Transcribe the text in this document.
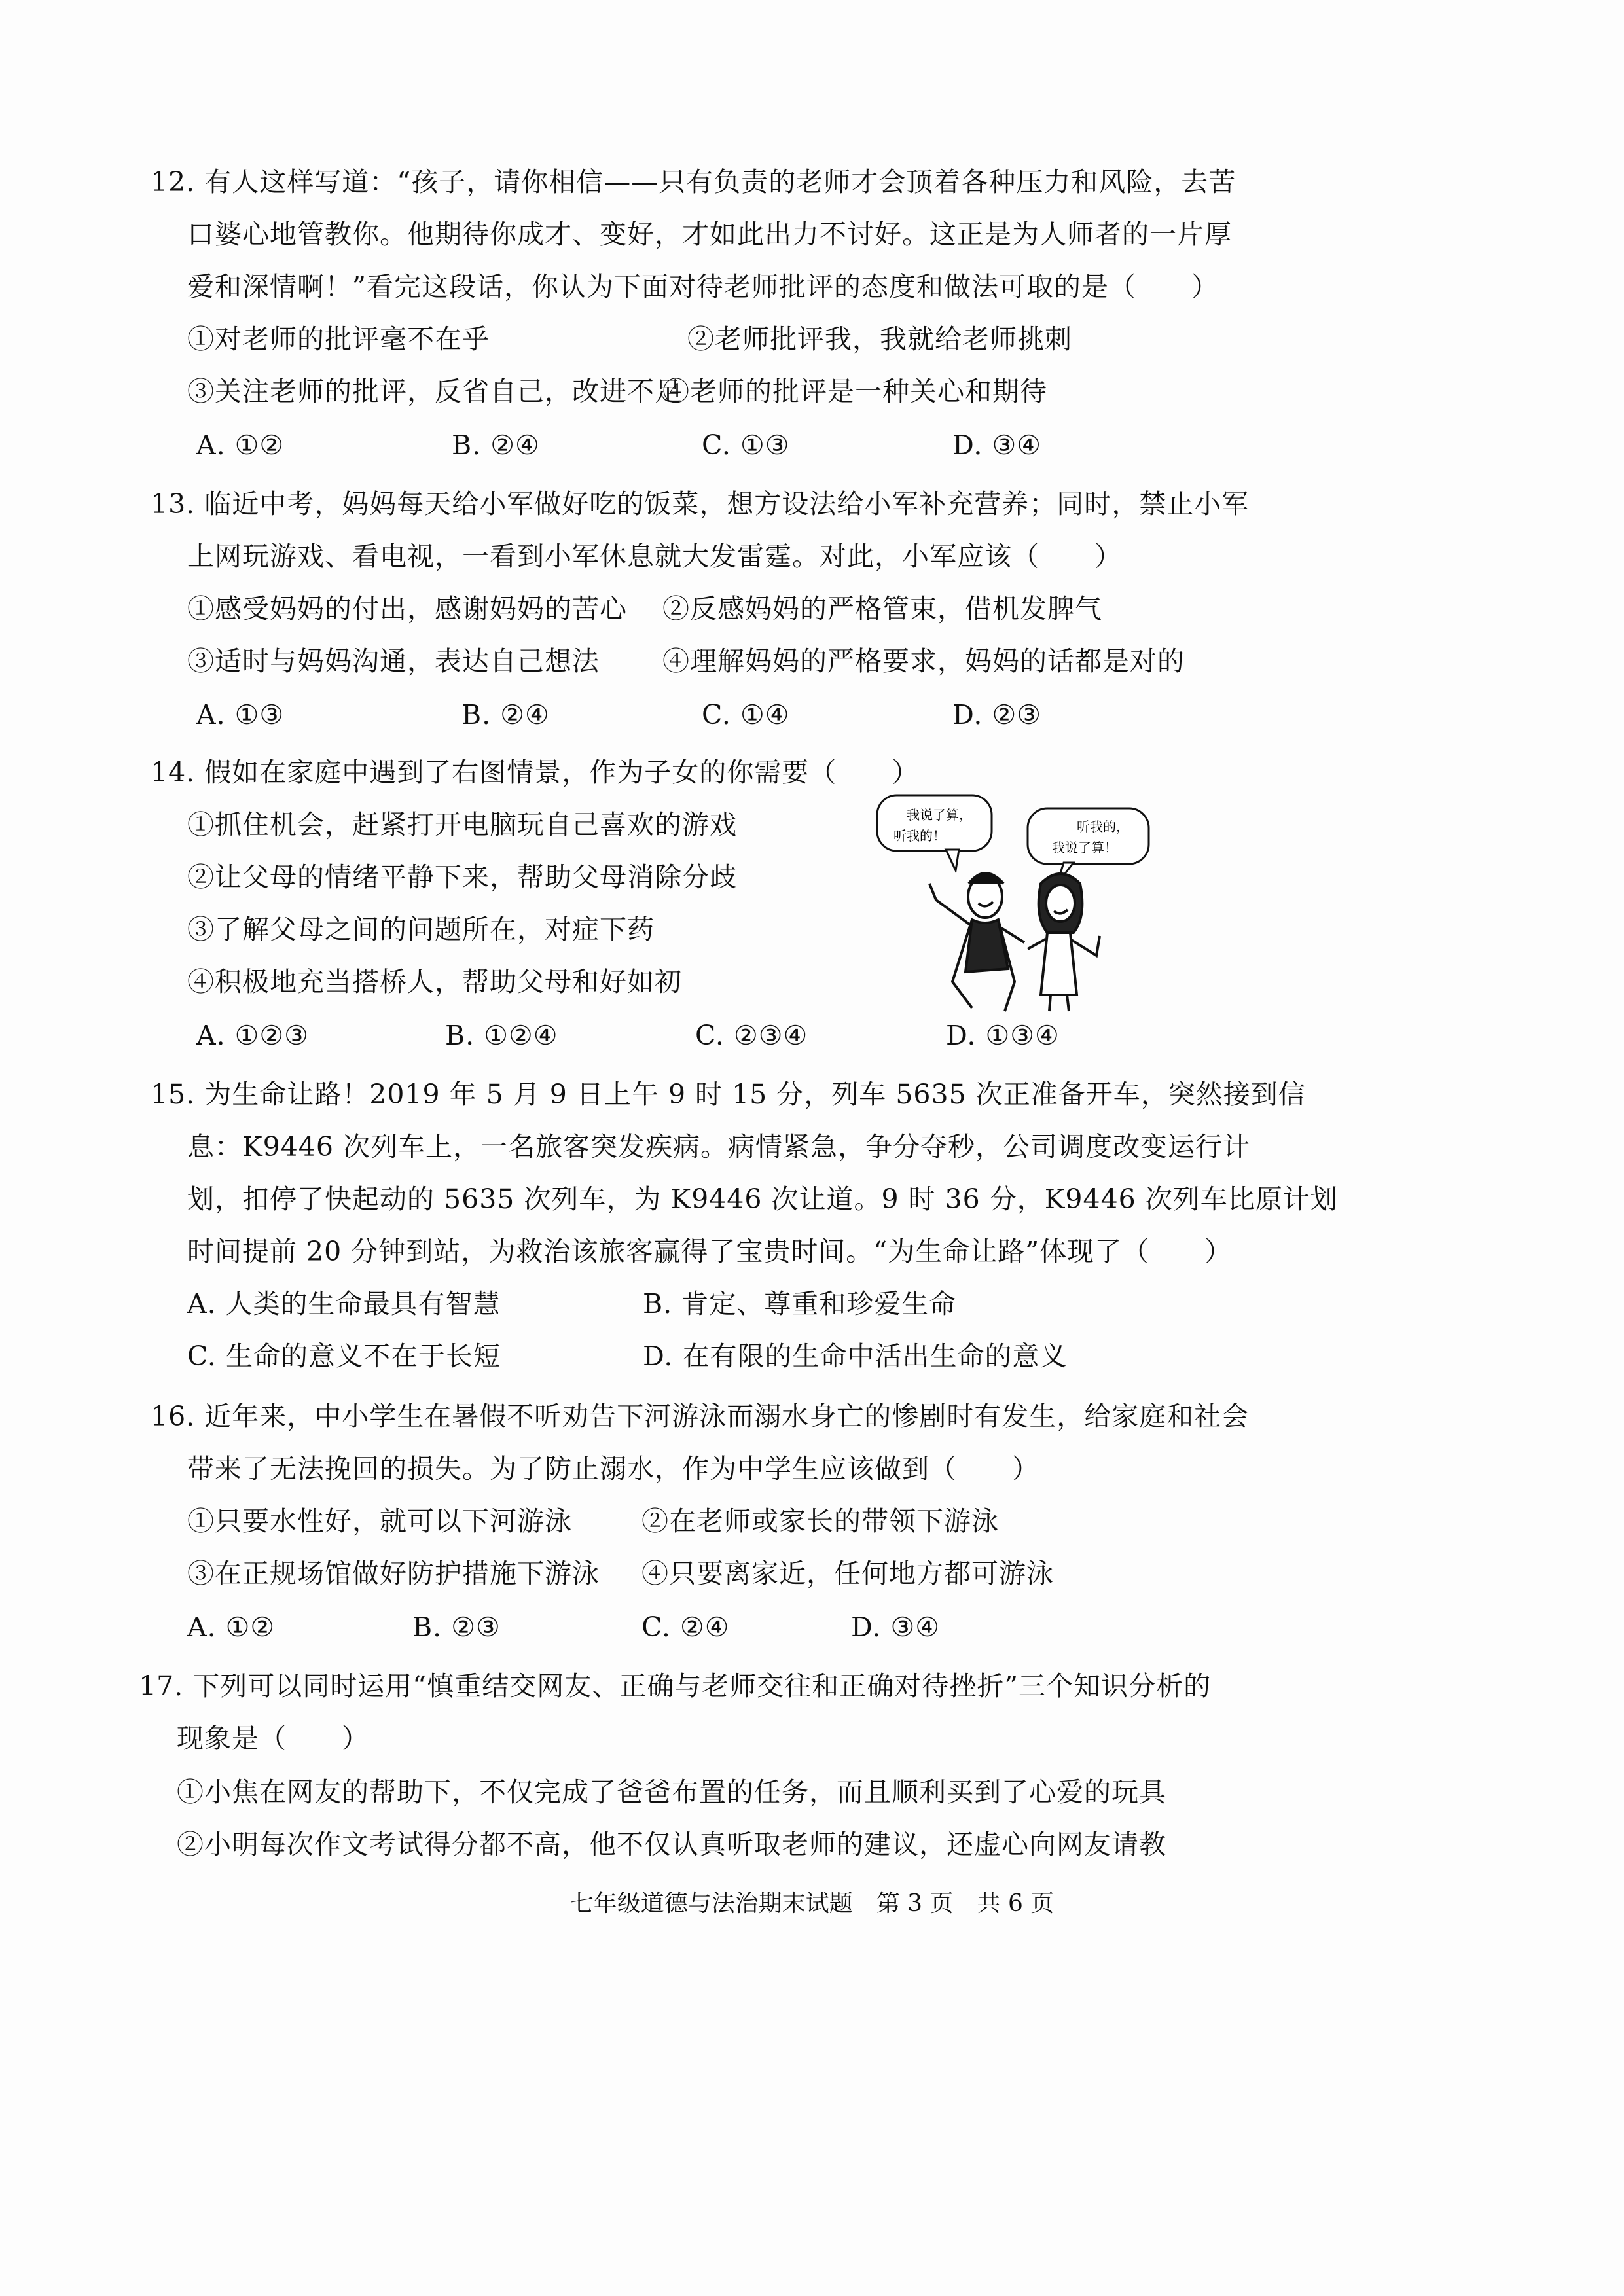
12. 有人这样写道：“孩子，请你相信——只有负责的老师才会顶着各种压力和风险，去苦
口婆心地管教你。他期待你成才、变好，才如此出力不讨好。这正是为人师者的一片厚
爱和深情啊！”看完这段话，你认为下面对待老师批评的态度和做法可取的是（　　）
①对老师的批评毫不在乎	②老师批评我，我就给老师挑刺
③关注老师的批评，反省自己，改进不足
④老师的批评是一种关心和期待
A. ①②	B. ②④	C. ①③	D. ③④
13. 临近中考，妈妈每天给小军做好吃的饭菜，想方设法给小军补充营养；同时，禁止小军
上网玩游戏、看电视，一看到小军休息就大发雷霆。对此，小军应该（　　）
①感受妈妈的付出，感谢妈妈的苦心 ②反感妈妈的严格管束，借机发脾气
③适时与妈妈沟通，表达自己想法 ④理解妈妈的严格要求，妈妈的话都是对的
A. ①③	B. ②④	C. ①④	D. ②③
14. 假如在家庭中遇到了右图情景，作为子女的你需要（　　）
①抓住机会，赶紧打开电脑玩自己喜欢的游戏
②让父母的情绪平静下来，帮助父母消除分歧
③了解父母之间的问题所在，对症下药
④积极地充当搭桥人，帮助父母和好如初
A. ①②③	B. ①②④	C. ②③④	D. ①③④
我说了算，听我的！
听我的，我说了算！
15. 为生命让路！2019 年 5 月 9 日上午 9 时 15 分，列车 5635 次正准备开车，突然接到信
息：K9446 次列车上，一名旅客突发疾病。病情紧急，争分夺秒，公司调度改变运行计
划，扣停了快起动的 5635 次列车，为 K9446 次让道。9 时 36 分，K9446 次列车比原计划
时间提前 20 分钟到站，为救治该旅客赢得了宝贵时间。“为生命让路”体现了（　　）
A. 人类的生命最具有智慧	B. 肯定、尊重和珍爱生命
C. 生命的意义不在于长短	D. 在有限的生命中活出生命的意义
16. 近年来，中小学生在暑假不听劝告下河游泳而溺水身亡的惨剧时有发生，给家庭和社会
带来了无法挽回的损失。为了防止溺水，作为中学生应该做到（　　）
①只要水性好，就可以下河游泳	②在老师或家长的带领下游泳
③在正规场馆做好防护措施下游泳 ④只要离家近，任何地方都可游泳
A. ①②	B. ②③	C. ②④	D. ③④
17. 下列可以同时运用“慎重结交网友、正确与老师交往和正确对待挫折”三个知识分析的
现象是（　　）
①小焦在网友的帮助下，不仅完成了爸爸布置的任务，而且顺利买到了心爱的玩具
②小明每次作文考试得分都不高，他不仅认真听取老师的建议，还虚心向网友请教
七年级道德与法治期末试题　第 3 页　共 6 页
